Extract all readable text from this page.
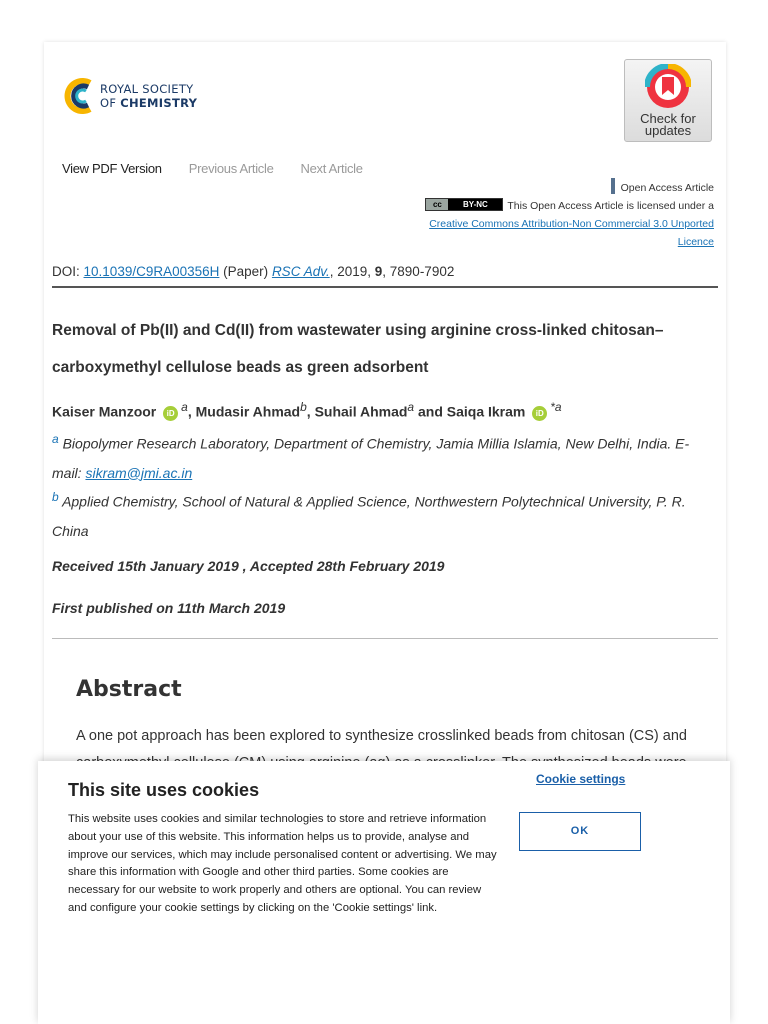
ROYAL SOCIETY
OF CHEMISTRY
Check for
updates
View PDF Version Previous Article Next Article
Open Access Article
cc	BY-NC	This Open Access Article is licensed under a
Creative Commons Attribution-Non Commercial 3.0 Unported
Licence
DOI: 10.1039/C9RA00356H (Paper) RSC Adv., 2019, 9, 7890-7902
Removal of Pb(II) and Cd(II) from wastewater using arginine cross-linked chitosan–carboxymethyl cellulose beads as green adsorbent
Kaiser Manzoor iD $^a$, Mudasir Ahmad$^b$, Suhail Ahmad$^a$ and Saiqa Ikram iD $^{*a}$
$^a$ Biopolymer Research Laboratory, Department of Chemistry, Jamia Millia Islamia, New Delhi, India. E-mail: sikram@jmi.ac.in
$^b$ Applied Chemistry, School of Natural & Applied Science, Northwestern Polytechnical University, P. R. China
Received 15th January 2019 , Accepted 28th February 2019
First published on 11th March 2019
Abstract

A one pot approach has been explored to synthesize crosslinked beads from chitosan (CS) and

This site uses cookies
Cookie settings
This website uses cookies and similar technologies to store and retrieve information about your use of this website. This information helps us to provide, analyse and improve our services, which may include personalised content or advertising. We may share this information with Google and other third parties. Some cookies are necessary for our website to work properly and others are optional. You can review and configure your cookie settings by clicking on the 'Cookie settings' link.
OK
